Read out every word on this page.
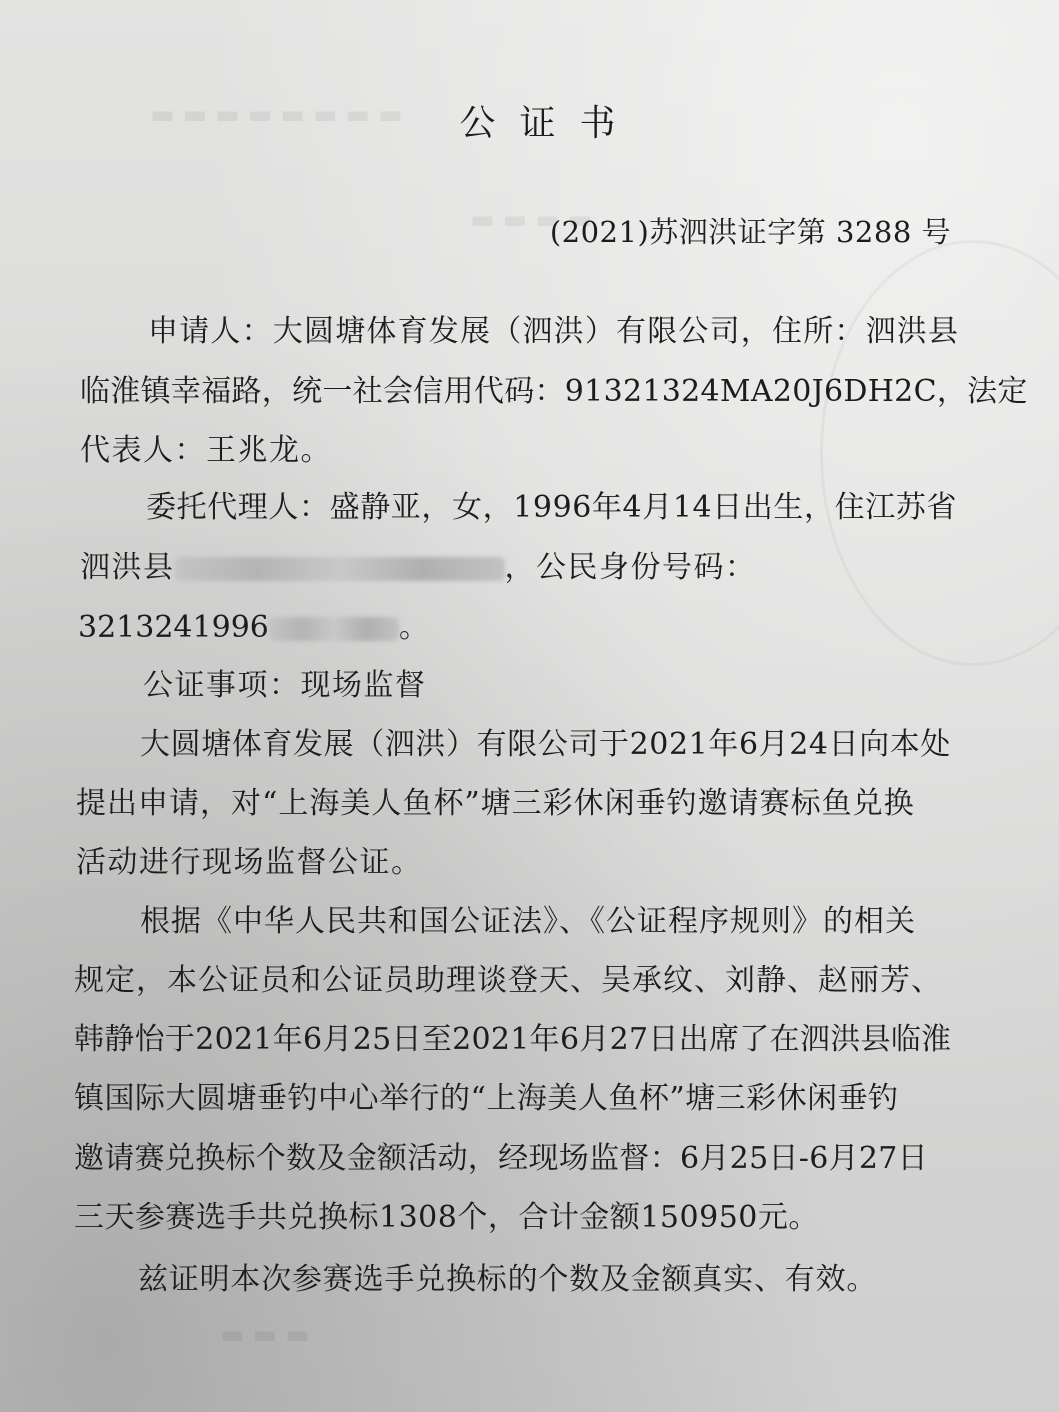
▬▬▬▬▬▬▬▬
▬▬▬▬
▬▬▬
公证书
(2021)苏泗洪证字第 3288 号
申请人：大圆塘体育发展（泗洪）有限公司，住所：泗洪县
临淮镇幸福路，统一社会信用代码：91321324MA20J6DH2C，法定
代表人：王兆龙。
委托代理人：盛静亚，女，1996年4月14日出生，住江苏省
泗洪县	，公民身份号码：
3213241996	。
公证事项：现场监督
大圆塘体育发展（泗洪）有限公司于2021年6月24日向本处
提出申请，对“上海美人鱼杯”塘三彩休闲垂钓邀请赛标鱼兑换
活动进行现场监督公证。
根据《中华人民共和国公证法》、《公证程序规则》的相关
规定，本公证员和公证员助理谈登天、吴承纹、刘静、赵丽芳、
韩静怡于2021年6月25日至2021年6月27日出席了在泗洪县临淮
镇国际大圆塘垂钓中心举行的“上海美人鱼杯”塘三彩休闲垂钓
邀请赛兑换标个数及金额活动，经现场监督：6月25日-6月27日
三天参赛选手共兑换标1308个，合计金额150950元。
兹证明本次参赛选手兑换标的个数及金额真实、有效。
